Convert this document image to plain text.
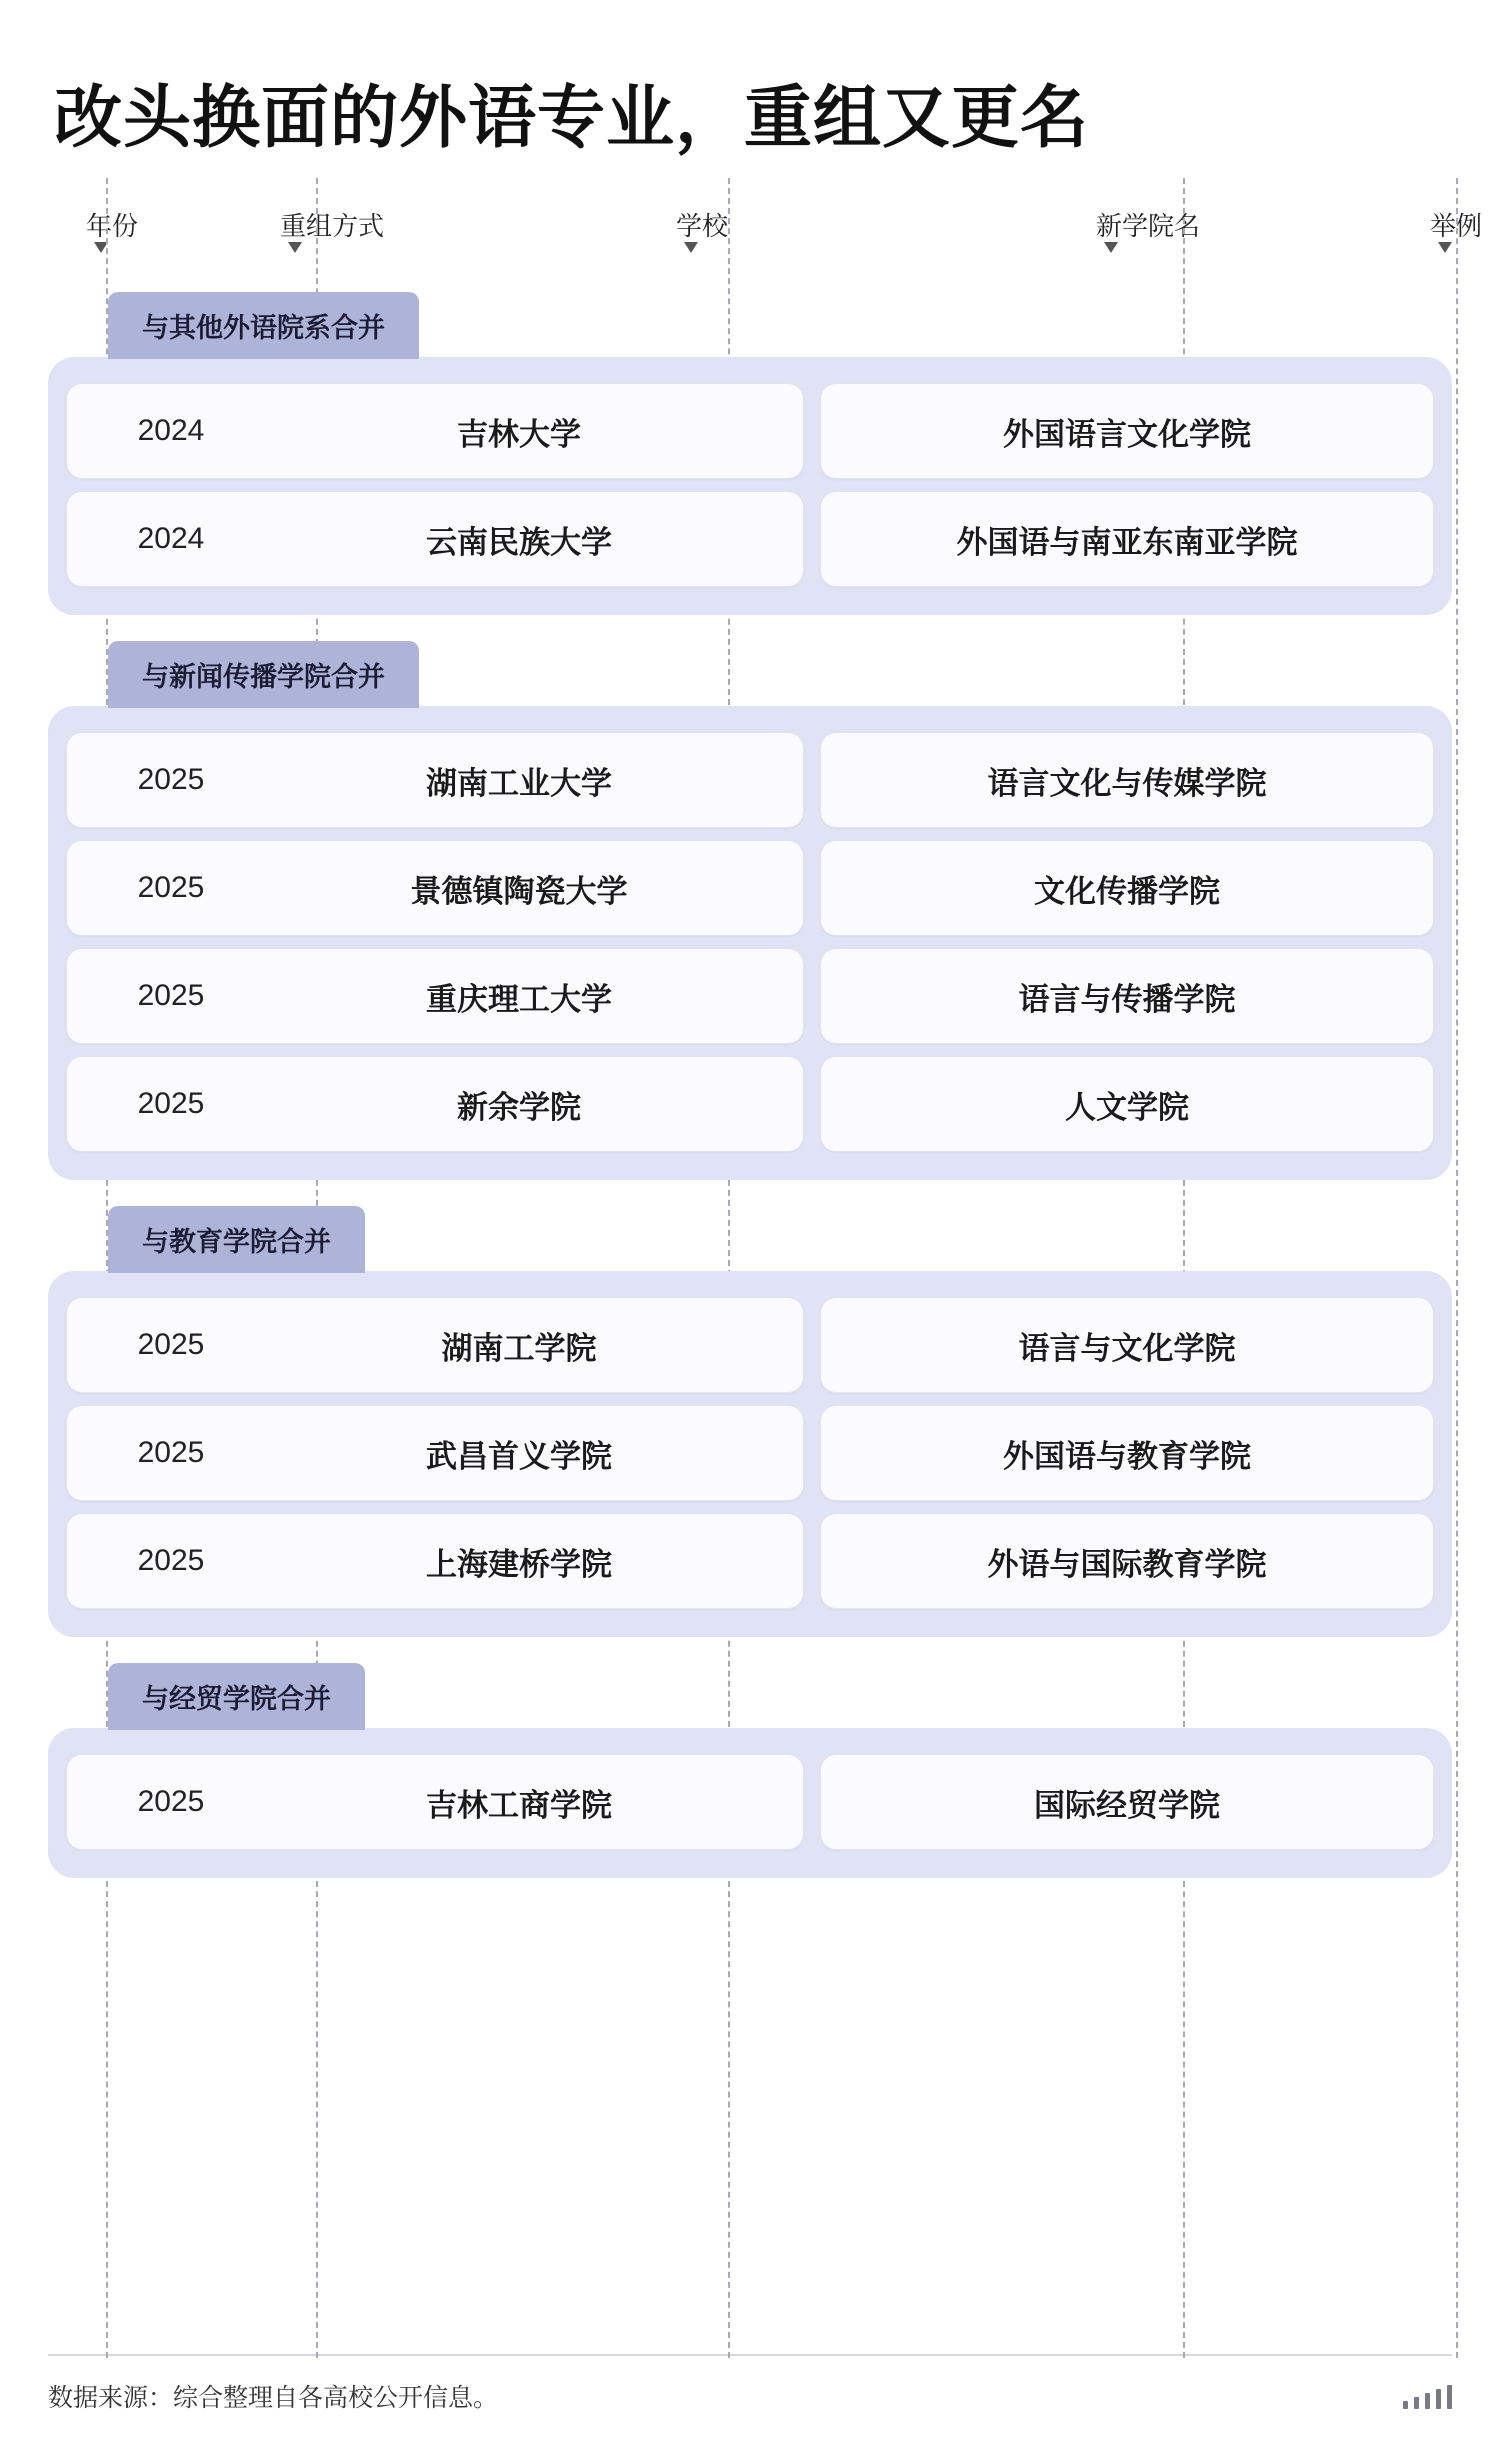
改头换面的外语专业，重组又更名
年份	重组方式	学校	新学院名	举例
与其他外语院系合并
2024	吉林大学	外国语言文化学院
2024	云南民族大学	外国语与南亚东南亚学院
与新闻传播学院合并
2025	湖南工业大学	语言文化与传媒学院
2025	景德镇陶瓷大学	文化传播学院
2025	重庆理工大学	语言与传播学院
2025	新余学院	人文学院
与教育学院合并
2025	湖南工学院	语言与文化学院
2025	武昌首义学院	外国语与教育学院
2025	上海建桥学院	外语与国际教育学院
与经贸学院合并
2025	吉林工商学院	国际经贸学院
数据来源：综合整理自各高校公开信息。
